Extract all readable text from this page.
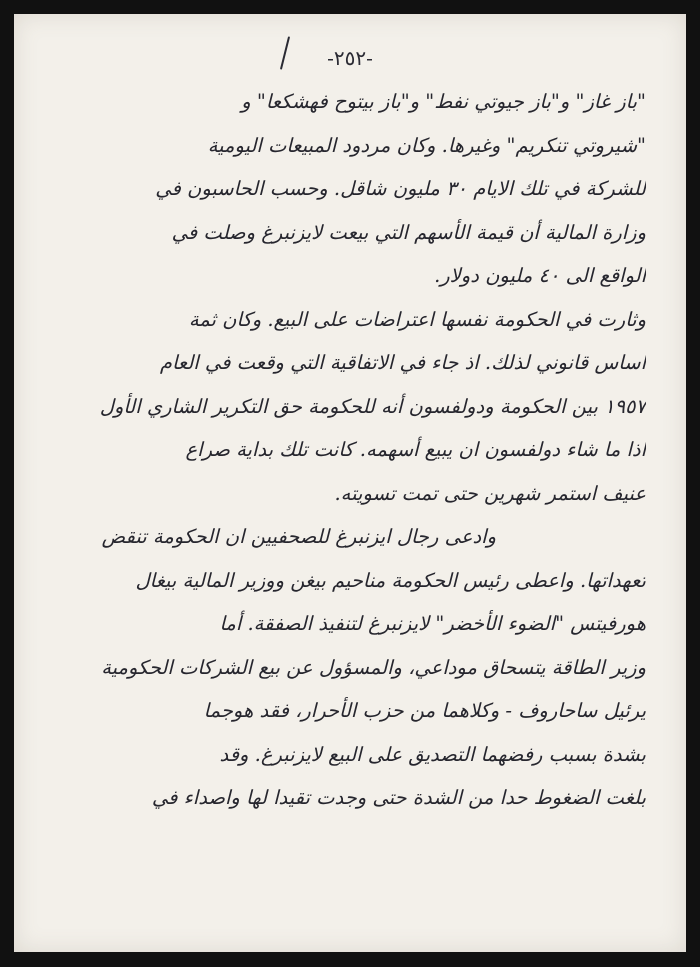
-٢٥٢-
"باز غاز" و"باز جيوتي نفط" و"باز بيتوح فهشكعا" و
"شيروتي تنكريم" وغيرها. وكان مردود المبيعات اليومية
للشركة في تلك الايام ٣٠ مليون شاقل. وحسب الحاسبون في
وزارة المالية أن قيمة الأسهم التي بيعت لايزنبرغ وصلت في
الواقع الى ٤٠ مليون دولار.
وثارت في الحكومة نفسها اعتراضات على البيع. وكان ثمة
اساس قانوني لذلك. اذ جاء في الاتفاقية التي وقعت في العام
١٩٥٧ بين الحكومة ودولفسون أنه للحكومة حق التكرير الشاري الأول
اذا ما شاء دولفسون ان يبيع أسهمه. كانت تلك بداية صراع
عنيف استمر شهرين حتى تمت تسويته.
وادعى رجال ايزنبرغ للصحفيين ان الحكومة تنقض
تعهداتها. واعطى رئيس الحكومة مناحيم بيغن ووزير المالية بيغال
هورفيتس "الضوء الأخضر" لايزنبرغ لتنفيذ الصفقة. أما
وزير الطاقة يتسحاق موداعي، والمسؤول عن بيع الشركات الحكومية
يرئيل ساحاروف - وكلاهما من حزب الأحرار، فقد هوجما
بشدة بسبب رفضهما التصديق على البيع لايزنبرغ. وقد
بلغت الضغوط حدا من الشدة حتى وجدت تقيدا لها واصداء في
